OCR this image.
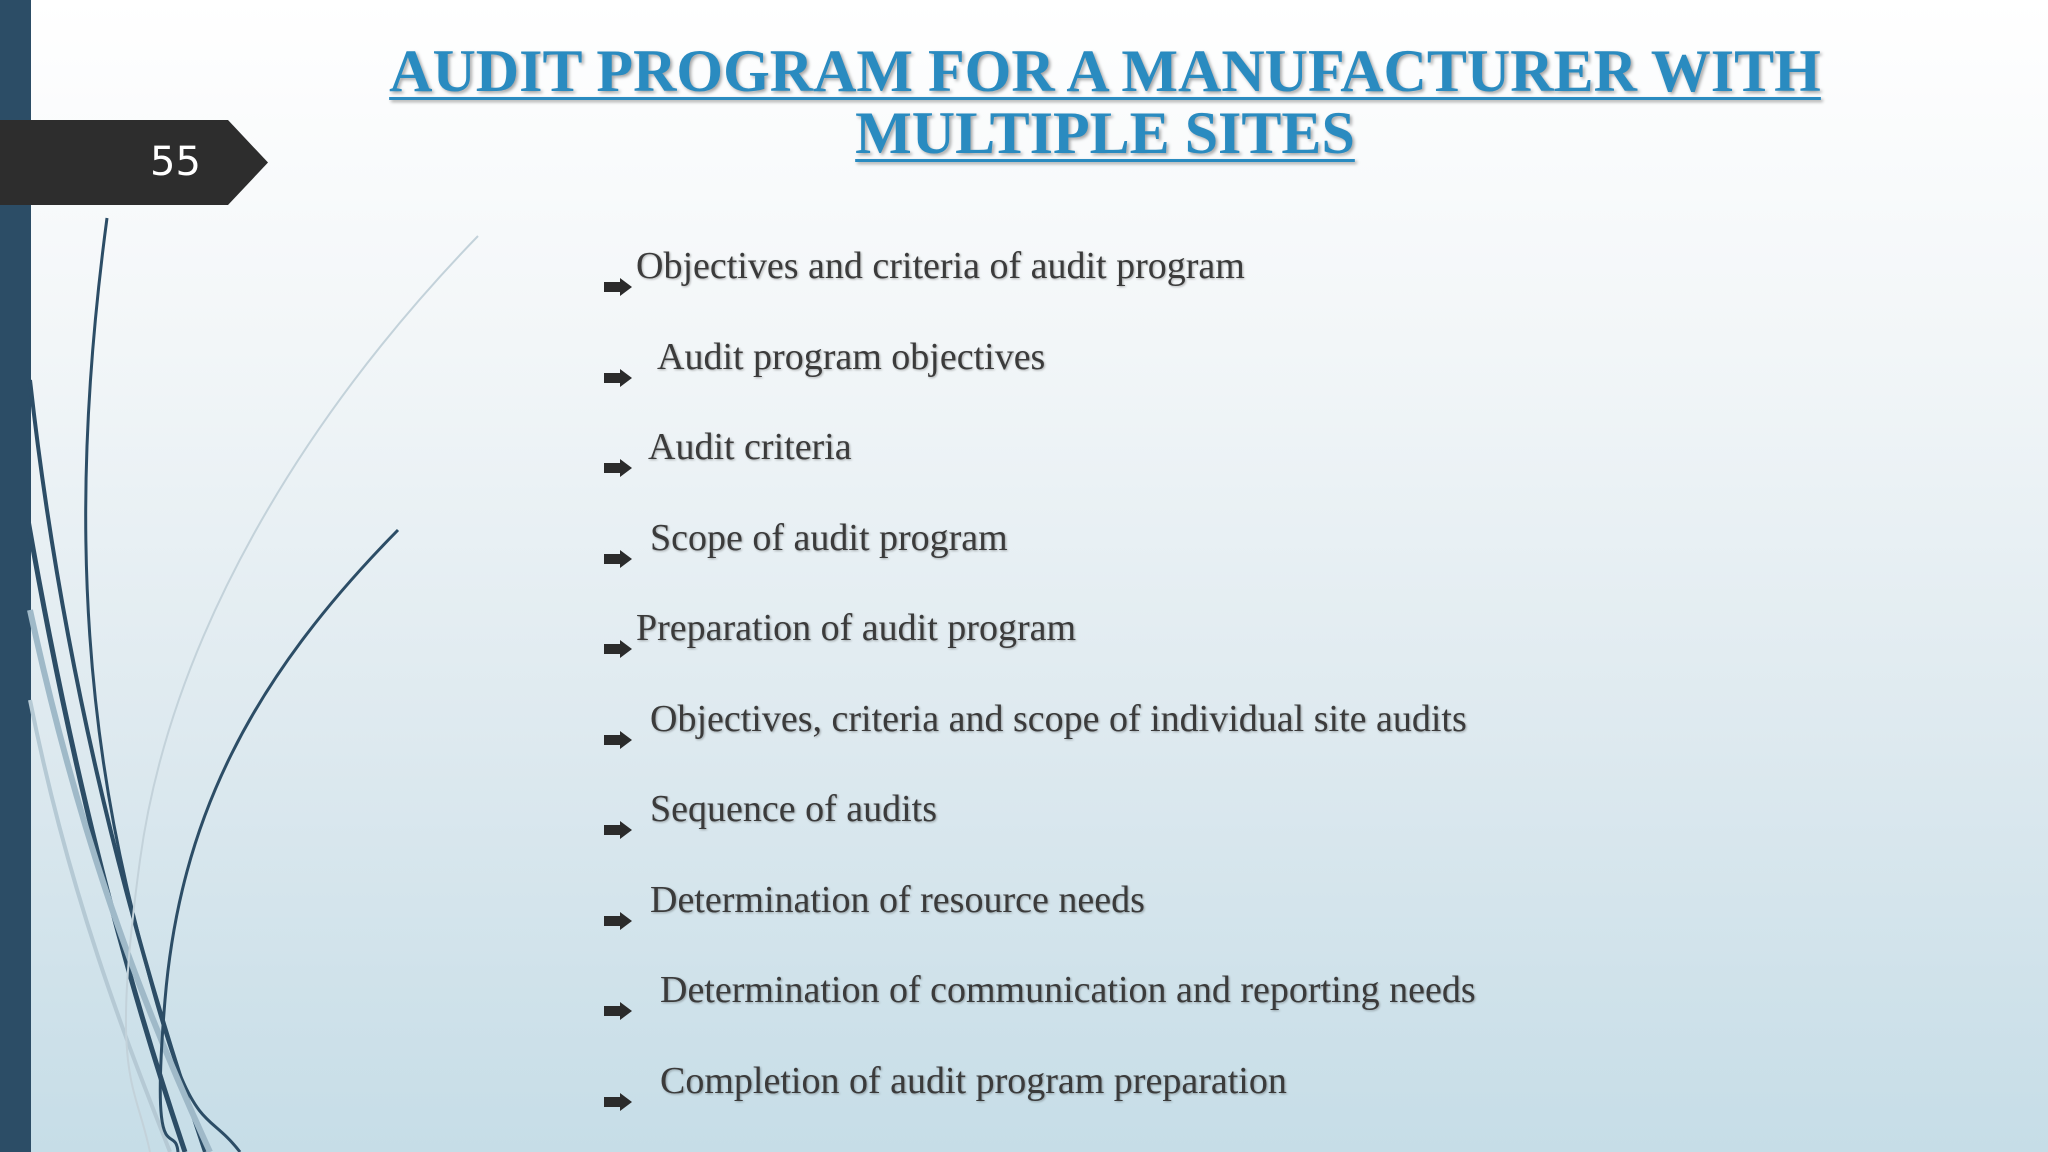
55
AUDIT PROGRAM FOR A MANUFACTURER WITH
MULTIPLE SITES
Objectives and criteria of audit program
Audit program objectives
Audit criteria
Scope of audit program
Preparation of audit program
Objectives, criteria and scope of individual site audits
Sequence of audits
Determination of resource needs
Determination of communication and reporting needs
Completion of audit program preparation
